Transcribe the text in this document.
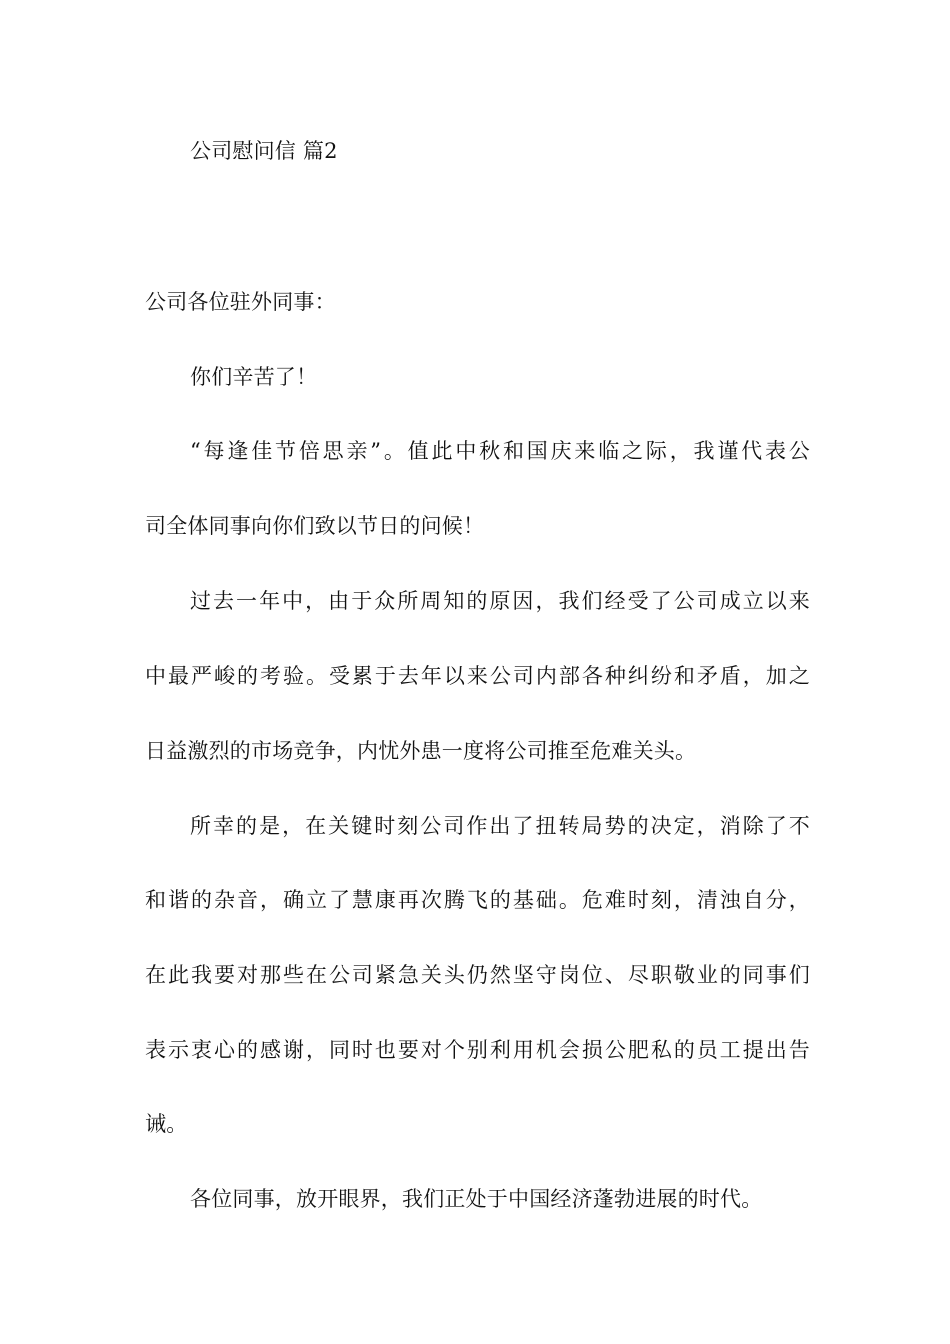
公司慰问信 篇2
公司各位驻外同事：
你们辛苦了！
“每逢佳节倍思亲”。值此中秋和国庆来临之际，我谨代表公
司全体同事向你们致以节日的问候！
过去一年中，由于众所周知的原因，我们经受了公司成立以来
中最严峻的考验。受累于去年以来公司内部各种纠纷和矛盾，加之
日益激烈的市场竞争，内忧外患一度将公司推至危难关头。
所幸的是，在关键时刻公司作出了扭转局势的决定，消除了不
和谐的杂音，确立了慧康再次腾飞的基础。危难时刻，清浊自分，
在此我要对那些在公司紧急关头仍然坚守岗位、尽职敬业的同事们
表示衷心的感谢，同时也要对个别利用机会损公肥私的员工提出告
诫。
各位同事，放开眼界，我们正处于中国经济蓬勃进展的时代。
